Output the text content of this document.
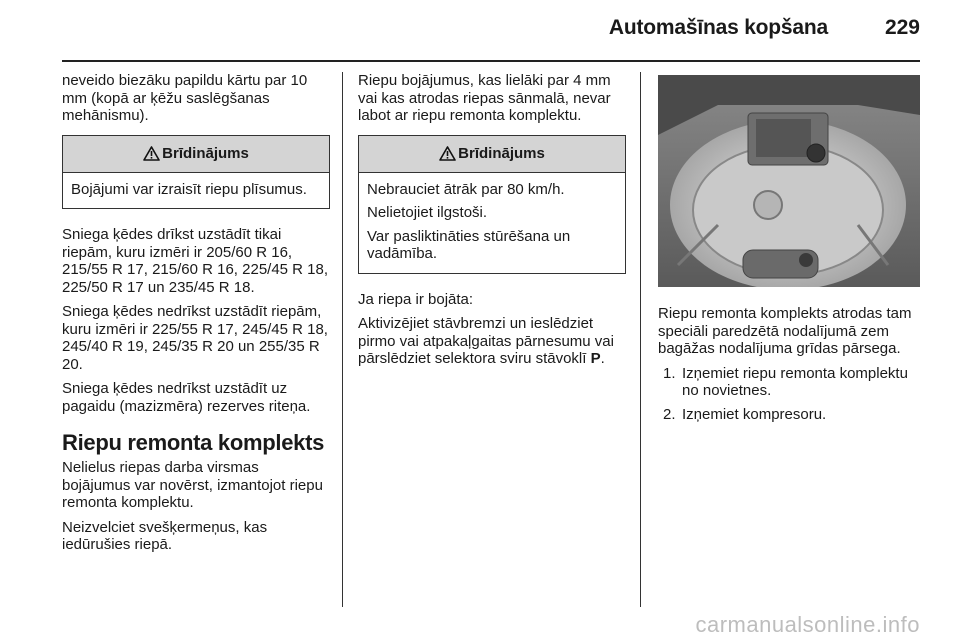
Automašīnas kopšana	229

neveido biezāku papildu kārtu par 10 mm (kopā ar ķēžu saslēgšanas mehānismu).

Brīdinājums

Bojājumi var izraisīt riepu plīsumus.

Sniega ķēdes drīkst uzstādīt tikai riepām, kuru izmēri ir 205/60 R 16, 215/55 R 17, 215/60 R 16, 225/45 R 18, 225/50 R 17 un 235/45 R 18.

Sniega ķēdes nedrīkst uzstādīt riepām, kuru izmēri ir 225/55 R 17, 245/45 R 18, 245/40 R 19, 245/35 R 20 un 255/35 R 20.

Sniega ķēdes nedrīkst uzstādīt uz pagaidu (mazizmēra) rezerves riteņa.

Riepu remonta komplekts

Nelielus riepas darba virsmas bojājumus var novērst, izmantojot riepu remonta komplektu.

Neizvelciet svešķermeņus, kas iedūrušies riepā.

Riepu bojājumus, kas lielāki par 4 mm vai kas atrodas riepas sānmalā, nevar labot ar riepu remonta komplektu.

Brīdinājums

Nebrauciet ātrāk par 80 km/h.

Nelietojiet ilgstoši.

Var pasliktināties stūrēšana un vadāmība.

Ja riepa ir bojāta:

Aktivizējiet stāvbremzi un ieslēdziet pirmo vai atpakaļgaitas pārnesumu vai pārslēdziet selektora sviru stāvoklī P.

Riepu remonta komplekts atrodas tam speciāli paredzētā nodalījumā zem bagāžas nodalījuma grīdas pārsega.

1. Izņemiet riepu remonta komplektu no novietnes.
2. Izņemiet kompresoru.
carmanualsonline.info
